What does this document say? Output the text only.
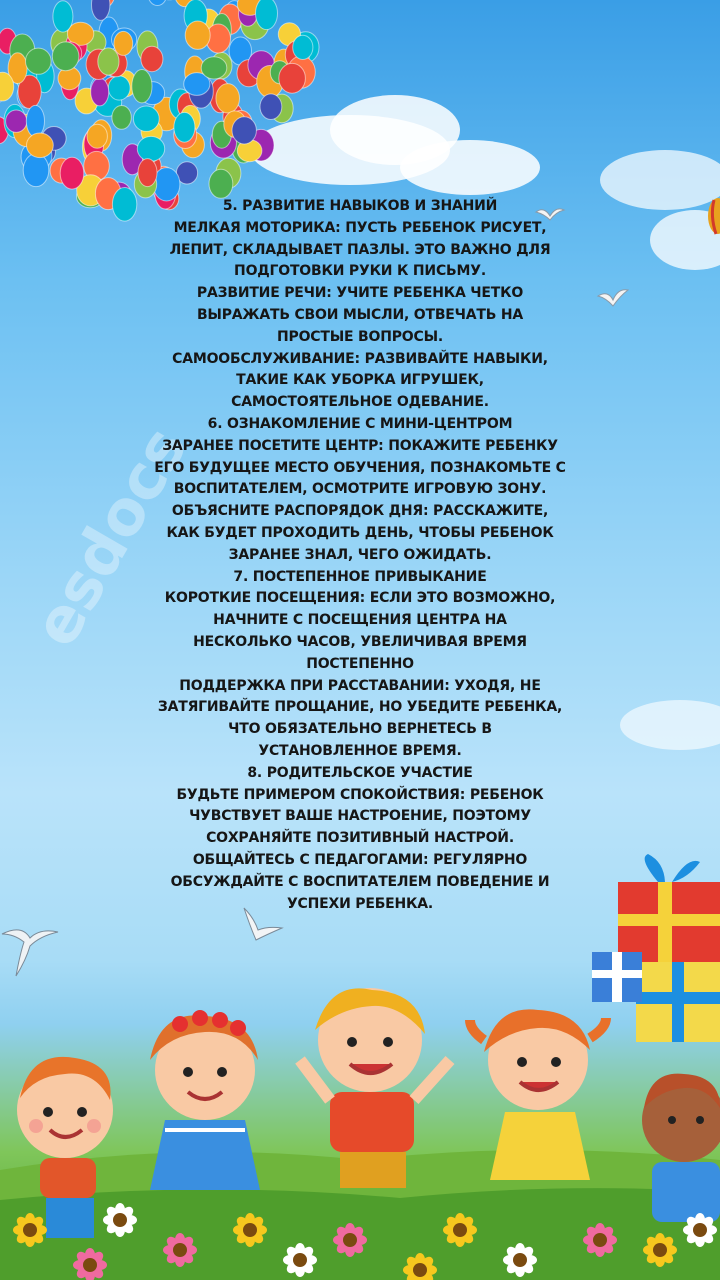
esdocs
5. РАЗВИТИЕ НАВЫКОВ И ЗНАНИЙ
МЕЛКАЯ МОТОРИКА: ПУСТЬ РЕБЕНОК РИСУЕТ,
ЛЕПИТ, СКЛАДЫВАЕТ ПАЗЛЫ. ЭТО ВАЖНО ДЛЯ
ПОДГОТОВКИ РУКИ К ПИСЬМУ.
РАЗВИТИЕ РЕЧИ: УЧИТЕ РЕБЕНКА ЧЕТКО
ВЫРАЖАТЬ СВОИ МЫСЛИ, ОТВЕЧАТЬ НА
ПРОСТЫЕ ВОПРОСЫ.
САМООБСЛУЖИВАНИЕ: РАЗВИВАЙТЕ НАВЫКИ,
ТАКИЕ КАК УБОРКА ИГРУШЕК,
САМОСТОЯТЕЛЬНОЕ ОДЕВАНИЕ.
6. ОЗНАКОМЛЕНИЕ С МИНИ-ЦЕНТРОМ
ЗАРАНЕЕ ПОСЕТИТЕ ЦЕНТР: ПОКАЖИТЕ РЕБЕНКУ
ЕГО БУДУЩЕЕ МЕСТО ОБУЧЕНИЯ, ПОЗНАКОМЬТЕ С
ВОСПИТАТЕЛЕМ, ОСМОТРИТЕ ИГРОВУЮ ЗОНУ.
ОБЪЯСНИТЕ РАСПОРЯДОК ДНЯ: РАССКАЖИТЕ,
КАК БУДЕТ ПРОХОДИТЬ ДЕНЬ, ЧТОБЫ РЕБЕНОК
ЗАРАНЕЕ ЗНАЛ, ЧЕГО ОЖИДАТЬ.
7. ПОСТЕПЕННОЕ ПРИВЫКАНИЕ
КОРОТКИЕ ПОСЕЩЕНИЯ: ЕСЛИ ЭТО ВОЗМОЖНО,
НАЧНИТЕ С ПОСЕЩЕНИЯ ЦЕНТРА НА
НЕСКОЛЬКО ЧАСОВ, УВЕЛИЧИВАЯ ВРЕМЯ
ПОСТЕПЕННО
ПОДДЕРЖКА ПРИ РАССТАВАНИИ: УХОДЯ, НЕ
ЗАТЯГИВАЙТЕ ПРОЩАНИЕ, НО УБЕДИТЕ РЕБЕНКА,
ЧТО ОБЯЗАТЕЛЬНО ВЕРНЕТЕСЬ В
УСТАНОВЛЕННОЕ ВРЕМЯ.
8. РОДИТЕЛЬСКОЕ УЧАСТИЕ
БУДЬТЕ ПРИМЕРОМ СПОКОЙСТВИЯ: РЕБЕНОК
ЧУВСТВУЕТ ВАШЕ НАСТРОЕНИЕ, ПОЭТОМУ
СОХРАНЯЙТЕ ПОЗИТИВНЫЙ НАСТРОЙ.
ОБЩАЙТЕСЬ С ПЕДАГОГАМИ: РЕГУЛЯРНО
ОБСУЖДАЙТЕ С ВОСПИТАТЕЛЕМ ПОВЕДЕНИЕ И
УСПЕХИ РЕБЕНКА.
